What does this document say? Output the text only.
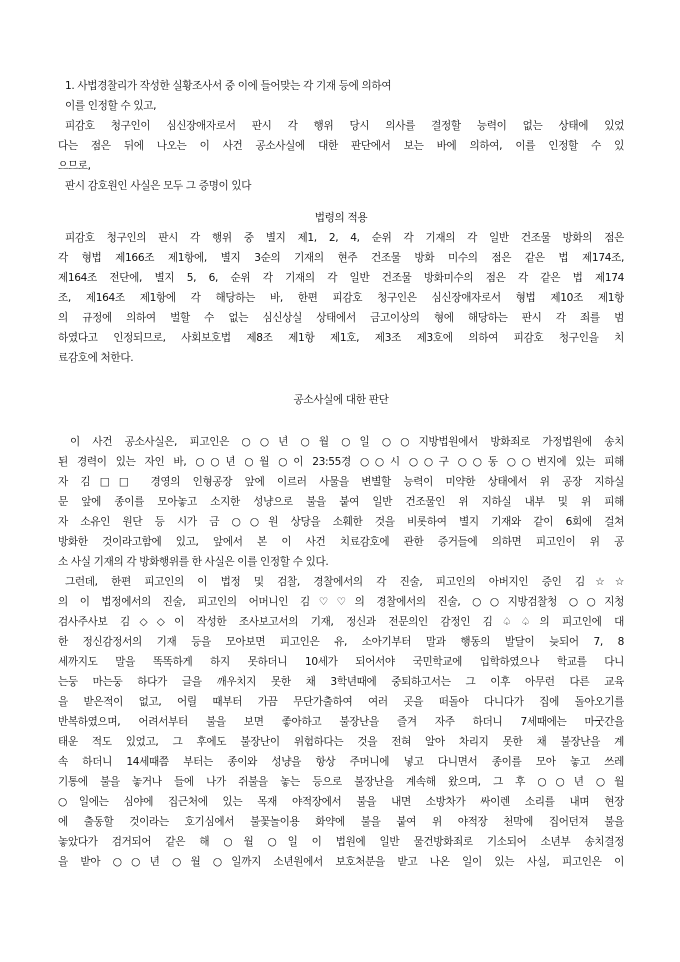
1. 사법경찰리가 작성한 실황조사서 중 이에 들어맞는 각 기재 등에 의하여
이를 인정할 수 있고,
피감호 청구인이 심신장애자로서 판시 각 행위 당시 의사를 결정할 능력이 없는 상태에 있었
다는 점은 뒤에 나오는 이 사건 공소사실에 대한 판단에서 보는 바에 의하여, 이를 인정할 수 있
으므로,
판시 감호원인 사실은 모두 그 증명이 있다
법령의 적용
피감호 청구인의 판시 각 행위 중 별지 제1, 2, 4, 순위 각 기재의 각 일반 건조물 방화의 점은
각 형법 제166조 제1항에, 별지 3순의 기재의 현주 건조물 방화 미수의 점은 같은 법 제174조,
제164조 전단에, 별지 5, 6, 순위 각 기재의 각 일반 건조물 방화미수의 점은 각 같은 법 제174
조, 제164조 제1항에 각 해당하는 바, 한편 피감호 청구인은 심신장애자로서 형법 제10조 제1항
의 규정에 의하여 벌할 수 없는 심신상실 상태에서 금고이상의 형에 해당하는 판시 각 죄를 범
하였다고 인정되므로, 사회보호법 제8조 제1항 제1호, 제3조 제3호에 의하여 피감호 청구인을 치
료감호에 처한다.
공소사실에 대한 판단
이 사건 공소사실은, 피고인은 ○○년 ○월 ○일 ○○지방법원에서 방화죄로 가정법원에 송치
된 경력이 있는 자인 바, ○○년 ○월 ○이 23:55경 ○○시 ○○구 ○○동 ○○번지에 있는 피해
자 김□□ 경영의 인형공장 앞에 이르러 사물을 변별할 능력이 미약한 상태에서 위 공장 지하실
문 앞에 종이를 모아놓고 소지한 성냥으로 불을 붙여 일반 건조물인 위 지하실 내부 및 위 피해
자 소유인 원단 등 시가 금 ○○원 상당을 소훼한 것을 비롯하여 별지 기재와 같이 6회에 걸쳐
방화한 것이라고함에 있고, 앞에서 본 이 사건 치료감호에 관한 증거들에 의하면 피고인이 위 공
소 사실 기재의 각 방화행위를 한 사실은 이를 인정할 수 있다.
그런데, 한편 피고인의 이 법정 및 검찰, 경찰에서의 각 진술, 피고인의 아버지인 증인 김☆☆
의 이 법정에서의 진술, 피고인의 어머니인 김♡♡의 경찰에서의 진술, ○○지방검찰청 ○○지청
검사주사보 김◇◇이 작성한 조사보고서의 기재, 정신과 전문의인 감정인 김♤♤의 피고인에 대
한 정신감정서의 기재 등을 모아보면 피고인은 유, 소아기부터 말과 행동의 발달이 늦되어 7, 8
세까지도 말을 똑똑하게 하지 못하더니 10세가 되어서야 국민학교에 입학하였으나 학교를 다니
는둥 마는둥 하다가 글을 깨우치지 못한 채 3학년때에 중퇴하고서는 그 이후 아무런 다른 교육
을 받은적이 없고, 어릴 때부터 가끔 무단가출하여 여러 곳을 떠돌아 다니다가 집에 돌아오기를
반복하였으며, 어려서부터 불을 보면 좋아하고 불장난을 즐겨 자주 하더니 7세때에는 마굿간을
태운 적도 있었고, 그 후에도 불장난이 위험하다는 것을 전혀 알아 차리지 못한 채 불장난을 계
속 하더니 14세때쯤 부터는 종이와 성냥을 항상 주머니에 넣고 다니면서 종이를 모아 놓고 쓰레
기통에 불을 놓거나 들에 나가 쥐불을 놓는 등으로 불장난을 계속해 왔으며, 그 후 ○○년 ○월
○일에는 심야에 집근처에 있는 목재 야적장에서 불을 내면 소방차가 싸이렌 소리를 내며 현장
에 출동할 것이라는 호기심에서 불꽃놀이용 화약에 불을 붙여 위 야적장 천막에 집어던져 불을
놓았다가 검거되어 같은 해 ○월 ○일 이 법원에 일반 물건방화죄로 기소되어 소년부 송치결정
을 받아 ○○년 ○월 ○일까지 소년원에서 보호처분을 받고 나온 일이 있는 사실, 피고인은 이
